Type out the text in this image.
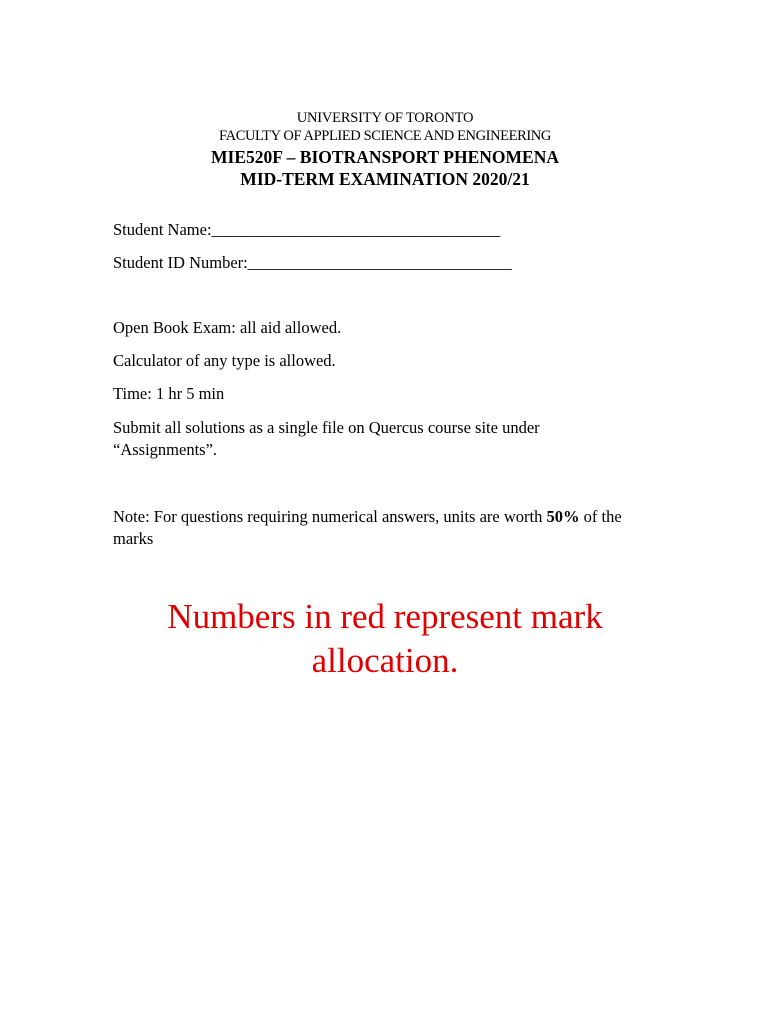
UNIVERSITY OF TORONTO
FACULTY OF APPLIED SCIENCE AND ENGINEERING
MIE520F – BIOTRANSPORT PHENOMENA
MID-TERM EXAMINATION 2020/21
Student Name:___________________________________
Student ID Number:________________________________
Open Book Exam: all aid allowed.
Calculator of any type is allowed.
Time: 1 hr 5 min
Submit all solutions as a single file on Quercus course site under
“Assignments”.
Note: For questions requiring numerical answers, units are worth 50% of the
marks
Numbers in red represent mark
allocation.
